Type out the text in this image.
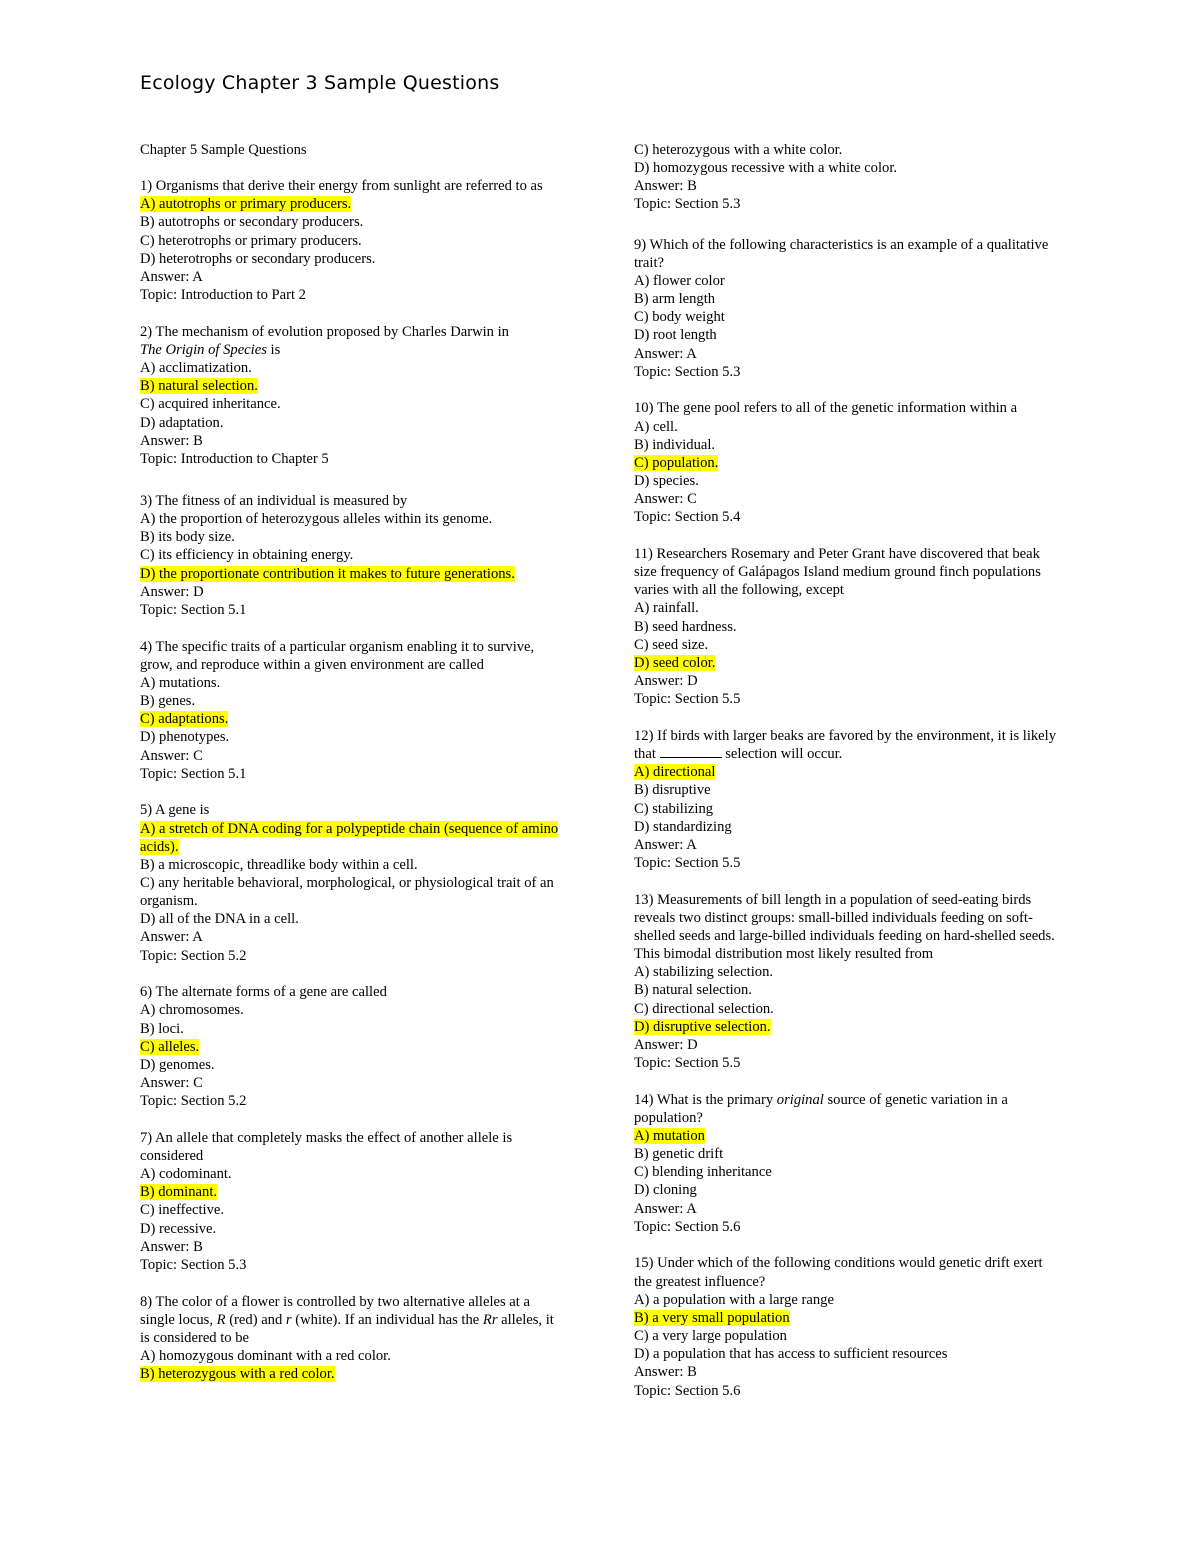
Ecology Chapter 3 Sample Questions
Chapter 5 Sample Questions
1) Organisms that derive their energy from sunlight are referred to as
A) autotrophs or primary producers.
B) autotrophs or secondary producers.
C) heterotrophs or primary producers.
D) heterotrophs or secondary producers.
Answer: A
Topic: Introduction to Part 2
2) The mechanism of evolution proposed by Charles Darwin in
The Origin of Species is
A) acclimatization.
B) natural selection.
C) acquired inheritance.
D) adaptation.
Answer: B
Topic: Introduction to Chapter 5
3) The fitness of an individual is measured by
A) the proportion of heterozygous alleles within its genome.
B) its body size.
C) its efficiency in obtaining energy.
D) the proportionate contribution it makes to future generations.
Answer: D
Topic: Section 5.1
4) The specific traits of a particular organism enabling it to survive, grow, and reproduce within a given environment are called
A) mutations.
B) genes.
C) adaptations.
D) phenotypes.
Answer: C
Topic: Section 5.1
5) A gene is
A) a stretch of DNA coding for a polypeptide chain (sequence of amino acids).
B) a microscopic, threadlike body within a cell.
C) any heritable behavioral, morphological, or physiological trait of an organism.
D) all of the DNA in a cell.
Answer: A
Topic: Section 5.2
6) The alternate forms of a gene are called
A) chromosomes.
B) loci.
C) alleles.
D) genomes.
Answer: C
Topic: Section 5.2
7) An allele that completely masks the effect of another allele is considered
A) codominant.
B) dominant.
C) ineffective.
D) recessive.
Answer: B
Topic: Section 5.3
8) The color of a flower is controlled by two alternative alleles at a single locus, R (red) and r (white). If an individual has the Rr alleles, it is considered to be
A) homozygous dominant with a red color.
B) heterozygous with a red color.
C) heterozygous with a white color.
D) homozygous recessive with a white color.
Answer: B
Topic: Section 5.3
9) Which of the following characteristics is an example of a qualitative trait?
A) flower color
B) arm length
C) body weight
D) root length
Answer: A
Topic: Section 5.3
10) The gene pool refers to all of the genetic information within a
A) cell.
B) individual.
C) population.
D) species.
Answer: C
Topic: Section 5.4
11) Researchers Rosemary and Peter Grant have discovered that beak size frequency of Galápagos Island medium ground finch populations varies with all the following, except
A) rainfall.
B) seed hardness.
C) seed size.
D) seed color.
Answer: D
Topic: Section 5.5
12) If birds with larger beaks are favored by the environment, it is likely that	selection will occur.
A) directional
B) disruptive
C) stabilizing
D) standardizing
Answer: A
Topic: Section 5.5
13) Measurements of bill length in a population of seed-eating birds reveals two distinct groups: small-billed individuals feeding on soft-shelled seeds and large-billed individuals feeding on hard-shelled seeds. This bimodal distribution most likely resulted from
A) stabilizing selection.
B) natural selection.
C) directional selection.
D) disruptive selection.
Answer: D
Topic: Section 5.5
14) What is the primary original source of genetic variation in a population?
A) mutation
B) genetic drift
C) blending inheritance
D) cloning
Answer: A
Topic: Section 5.6
15) Under which of the following conditions would genetic drift exert the greatest influence?
A) a population with a large range
B) a very small population
C) a very large population
D) a population that has access to sufficient resources
Answer: B
Topic: Section 5.6
